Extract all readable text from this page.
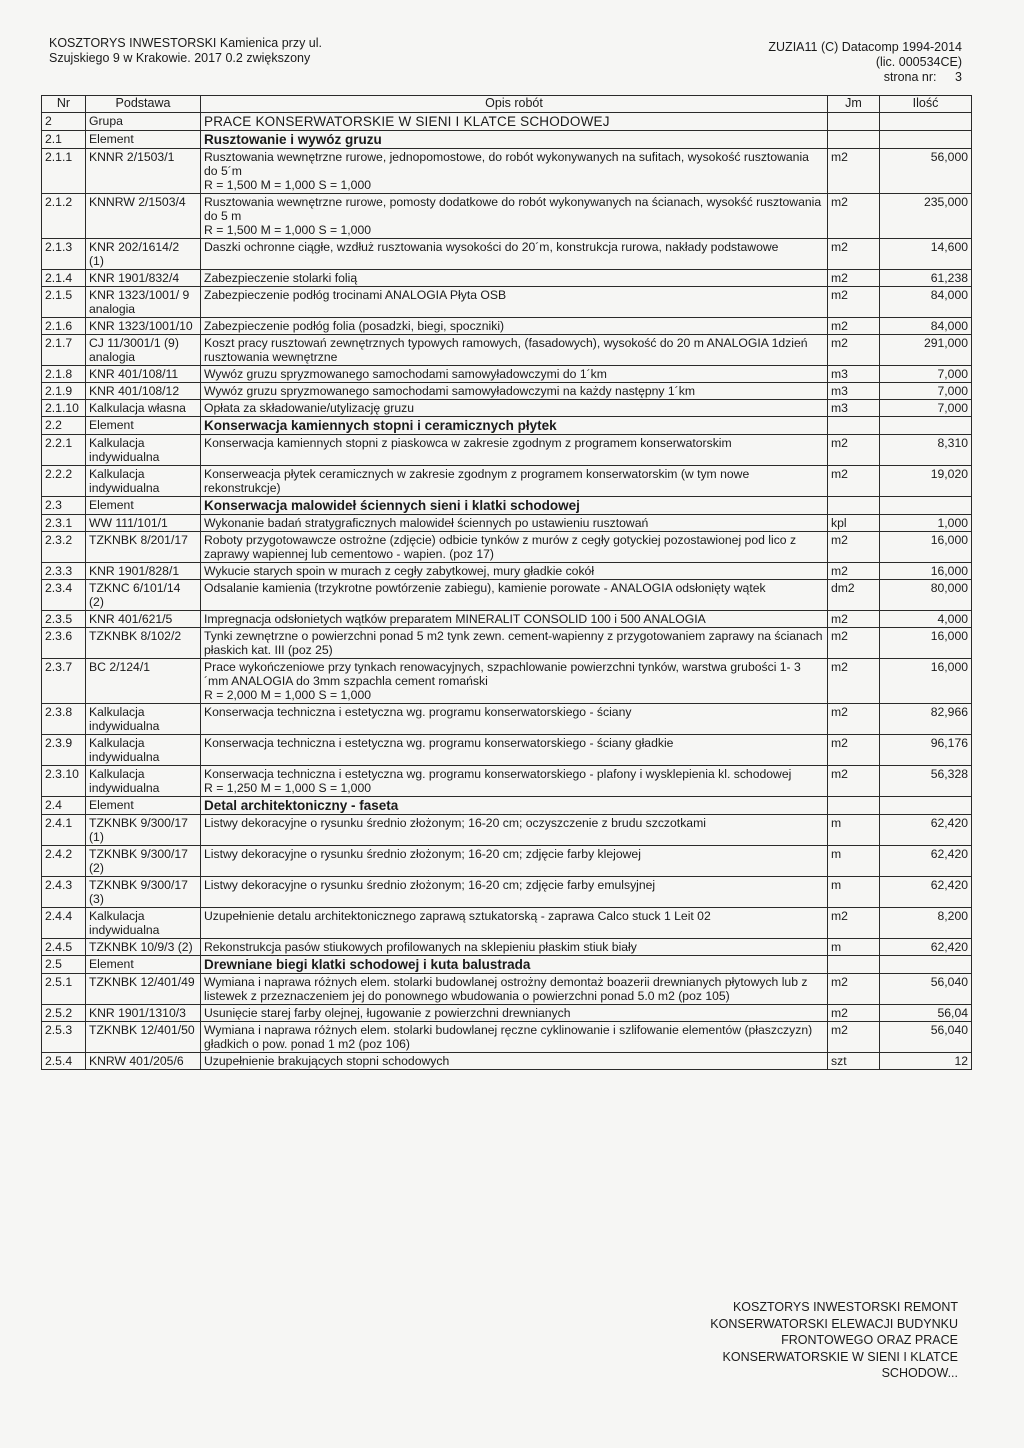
KOSZTORYS INWESTORSKI Kamienica przy ul.
Szujskiego 9 w Krakowie. 2017 0.2 zwiększony
ZUZIA11 (C) Datacomp 1994-2014
(lic. 000534CE)
strona nr: 3
Nr	Podstawa	Opis robót	Jm	Ilość
2	Grupa	PRACE KONSERWATORSKIE W SIENI I KLATCE SCHODOWEJ		
2.1	Element	Rusztowanie i wywóz gruzu		
2.1.1	KNNR 2/1503/1	Rusztowania wewnętrzne rurowe, jednopomostowe, do robót wykonywanych na sufitach, wysokość rusztowania do 5´m
R = 1,500 M = 1,000 S = 1,000	m2	56,000
2.1.2	KNNRW 2/1503/4	Rusztowania wewnętrzne rurowe, pomosty dodatkowe do robót wykonywanych na ścianach, wysokść rusztowania do 5 m
R = 1,500 M = 1,000 S = 1,000	m2	235,000
2.1.3	KNR 202/1614/2 (1)	Daszki ochronne ciągłe, wzdłuż rusztowania wysokości do 20´m, konstrukcja rurowa, nakłady podstawowe	m2	14,600
2.1.4	KNR 1901/832/4	Zabezpieczenie stolarki folią	m2	61,238
2.1.5	KNR 1323/1001/ 9 analogia	Zabezpieczenie podłóg trocinami ANALOGIA Płyta OSB	m2	84,000
2.1.6	KNR 1323/1001/10	Zabezpieczenie podłóg folia (posadzki, biegi, spoczniki)	m2	84,000
2.1.7	CJ 11/3001/1 (9) analogia	Koszt pracy rusztowań zewnętrznych typowych ramowych, (fasadowych), wysokość do 20 m ANALOGIA 1dzień rusztowania wewnętrzne	m2	291,000
2.1.8	KNR 401/108/11	Wywóz gruzu spryzmowanego samochodami samowyładowczymi do 1´km	m3	7,000
2.1.9	KNR 401/108/12	Wywóz gruzu spryzmowanego samochodami samowyładowczymi na każdy następny 1´km	m3	7,000
2.1.10	Kalkulacja własna	Opłata za składowanie/utylizację gruzu	m3	7,000
2.2	Element	Konserwacja kamiennych stopni i ceramicznych płytek		
2.2.1	Kalkulacja indywidualna	Konserwacja kamiennych stopni z piaskowca w zakresie zgodnym z programem konserwatorskim	m2	8,310
2.2.2	Kalkulacja indywidualna	Konserweacja płytek ceramicznych w zakresie zgodnym z programem konserwatorskim (w tym nowe rekonstrukcje)	m2	19,020
2.3	Element	Konserwacja malowideł ściennych sieni i klatki schodowej		
2.3.1	WW 111/101/1	Wykonanie badań stratygraficznych malowideł ściennych po ustawieniu rusztowań	kpl	1,000
2.3.2	TZKNBK 8/201/17	Roboty przygotowawcze ostrożne (zdjęcie) odbicie tynków z murów z cegły gotyckiej pozostawionej pod lico z zaprawy wapiennej lub cementowo - wapien. (poz 17)	m2	16,000
2.3.3	KNR 1901/828/1	Wykucie starych spoin w murach z cegły zabytkowej, mury gładkie cokół	m2	16,000
2.3.4	TZKNC 6/101/14 (2)	Odsalanie kamienia (trzykrotne powtórzenie zabiegu), kamienie porowate - ANALOGIA odsłonięty wątek	dm2	80,000
2.3.5	KNR 401/621/5	Impregnacja odsłonietych wątków preparatem MINERALIT CONSOLID 100 i 500 ANALOGIA	m2	4,000
2.3.6	TZKNBK 8/102/2	Tynki zewnętrzne o powierzchni ponad 5 m2 tynk zewn. cement-wapienny z przygotowaniem zaprawy na ścianach płaskich kat. III (poz 25)	m2	16,000
2.3.7	BC 2/124/1	Prace wykończeniowe przy tynkach renowacyjnych, szpachlowanie powierzchni tynków, warstwa grubości 1- 3´mm ANALOGIA do 3mm szpachla cement romański
R = 2,000 M = 1,000 S = 1,000	m2	16,000
2.3.8	Kalkulacja indywidualna	Konserwacja techniczna i estetyczna wg. programu konserwatorskiego - ściany	m2	82,966
2.3.9	Kalkulacja indywidualna	Konserwacja techniczna i estetyczna wg. programu konserwatorskiego - ściany gładkie	m2	96,176
2.3.10	Kalkulacja indywidualna	Konserwacja techniczna i estetyczna wg. programu konserwatorskiego - plafony i wysklepienia kl. schodowej
R = 1,250 M = 1,000 S = 1,000	m2	56,328
2.4	Element	Detal architektoniczny - faseta		
2.4.1	TZKNBK 9/300/17 (1)	Listwy dekoracyjne o rysunku średnio złożonym; 16-20 cm; oczyszczenie z brudu szczotkami	m	62,420
2.4.2	TZKNBK 9/300/17 (2)	Listwy dekoracyjne o rysunku średnio złożonym; 16-20 cm; zdjęcie farby klejowej	m	62,420
2.4.3	TZKNBK 9/300/17 (3)	Listwy dekoracyjne o rysunku średnio złożonym; 16-20 cm; zdjęcie farby emulsyjnej	m	62,420
2.4.4	Kalkulacja indywidualna	Uzupełnienie detalu architektonicznego zaprawą sztukatorską - zaprawa Calco stuck 1 Leit 02	m2	8,200
2.4.5	TZKNBK 10/9/3 (2)	Rekonstrukcja pasów stiukowych profilowanych na sklepieniu płaskim stiuk biały	m	62,420
2.5	Element	Drewniane biegi klatki schodowej i kuta balustrada		
2.5.1	TZKNBK 12/401/49	Wymiana i naprawa różnych elem. stolarki budowlanej ostrożny demontaż boazerii drewnianych płytowych lub z listewek z przeznaczeniem jej do ponownego wbudowania o powierzchni ponad 5.0 m2 (poz 105)	m2	56,040
2.5.2	KNR 1901/1310/3	Usunięcie starej farby olejnej, ługowanie z powierzchni drewnianych	m2	56,04
2.5.3	TZKNBK 12/401/50	Wymiana i naprawa różnych elem. stolarki budowlanej ręczne cyklinowanie i szlifowanie elementów (płaszczyzn) gładkich o pow. ponad 1 m2 (poz 106)	m2	56,040
2.5.4	KNRW 401/205/6	Uzupełnienie brakujących stopni schodowych	szt	12
KOSZTORYS INWESTORSKI REMONT
KONSERWATORSKI ELEWACJI BUDYNKU
FRONTOWEGO ORAZ PRACE
KONSERWATORSKIE W SIENI I KLATCE
SCHODOW...
